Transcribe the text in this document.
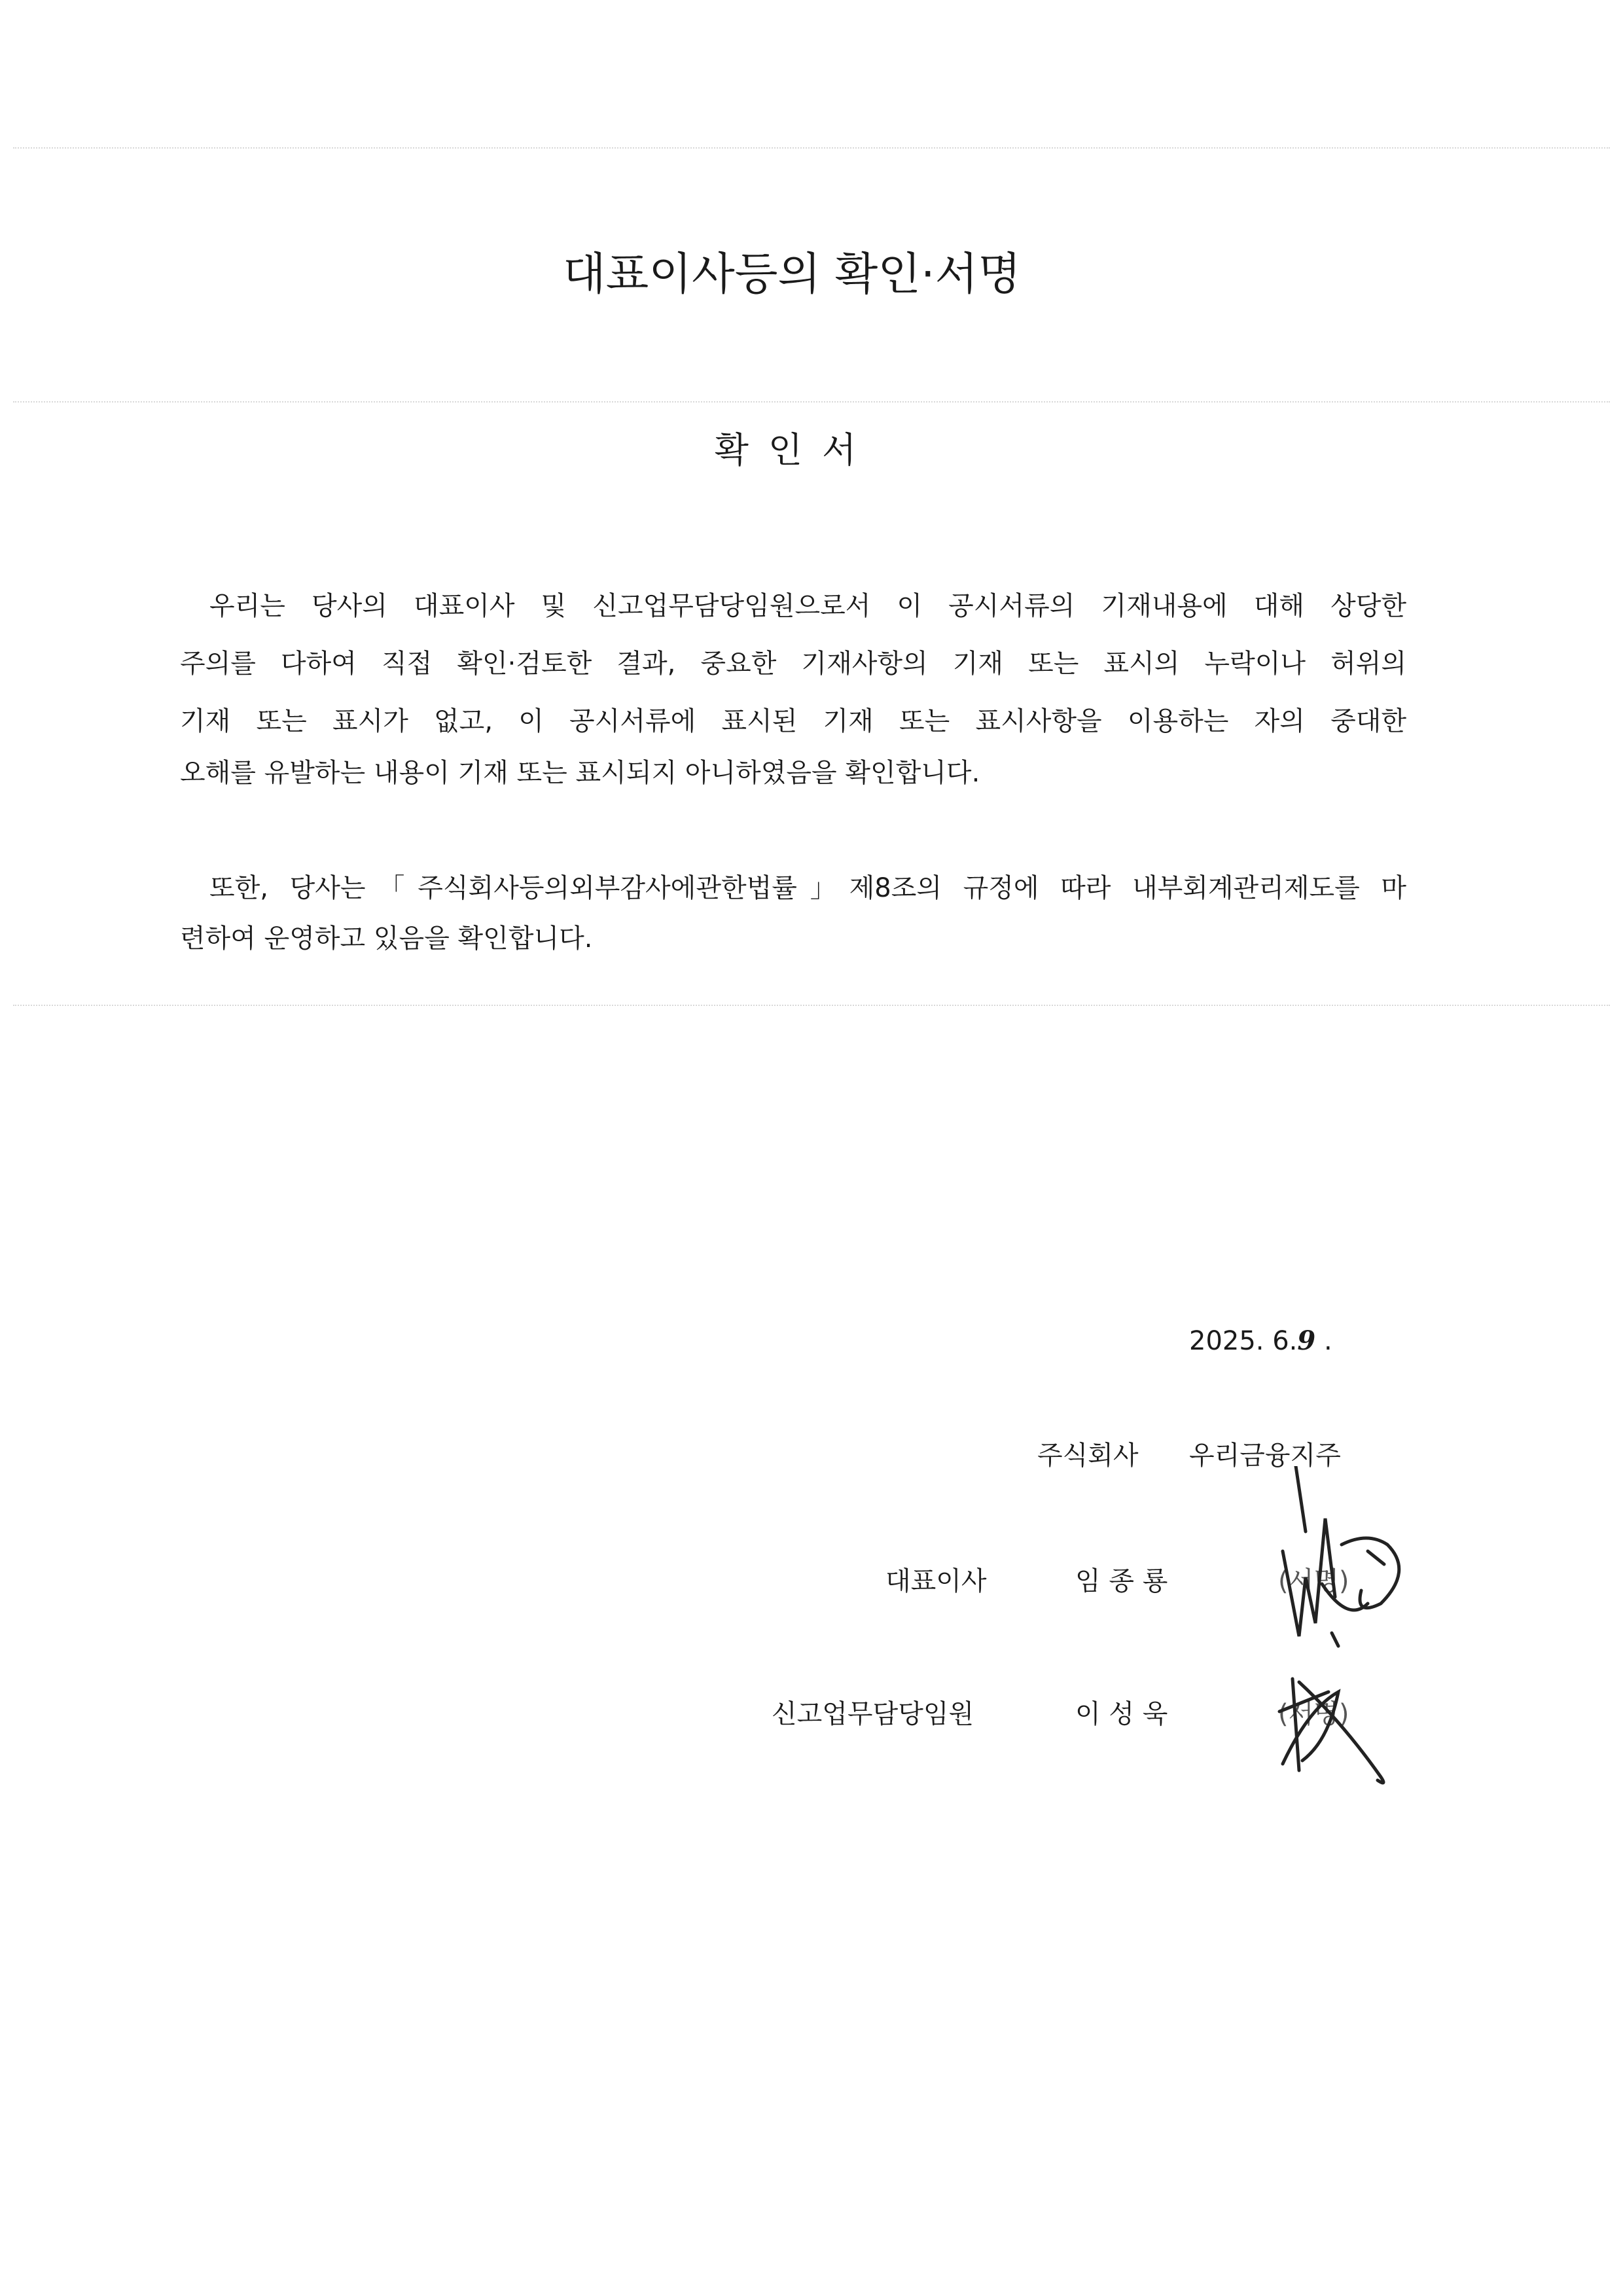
대표이사등의 확인·서명
확인서
우리는 당사의 대표이사 및 신고업무담당임원으로서 이 공시서류의 기재내용에 대해 상당한
주의를 다하여 직접 확인·검토한 결과, 중요한 기재사항의 기재 또는 표시의 누락이나 허위의
기재 또는 표시가 없고, 이 공시서류에 표시된 기재 또는 표시사항을 이용하는 자의 중대한
오해를 유발하는 내용이 기재 또는 표시되지 아니하였음을 확인합니다.
또한, 당사는「주식회사등의외부감사에관한법률」제8조의 규정에 따라 내부회계관리제도를 마
련하여 운영하고 있음을 확인합니다.
2025. 6.9 .
주식회사 우리금융지주
대표이사	임 종 룡	(서명)
신고업무담당임원	이 성 욱	(서명)
